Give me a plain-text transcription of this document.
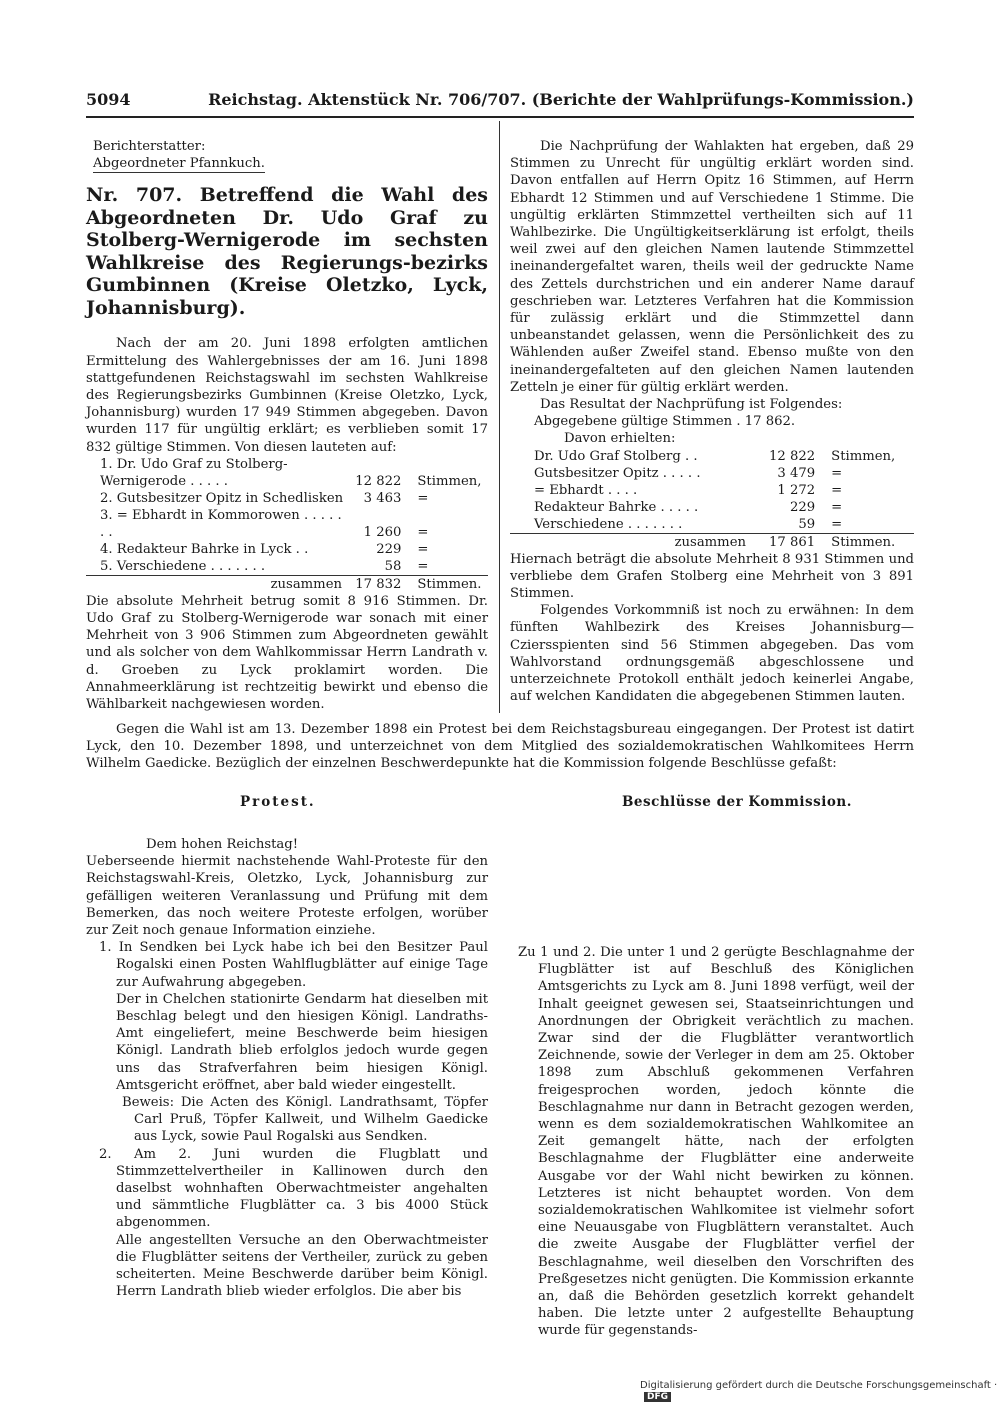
5094	Reichstag. Aktenstück Nr. 706/707. (Berichte der Wahlprüfungs-Kommission.)

Berichterstatter:

Abgeordneter Pfannkuch.

Nr. 707. Betreffend die Wahl des Abgeordneten Dr. Udo Graf zu Stolberg-Wernigerode im sechsten Wahlkreise des Regierungs-bezirks Gumbinnen (Kreise Oletzko, Lyck, Johannisburg).

Nach der am 20. Juni 1898 erfolgten amtlichen Ermittelung des Wahlergebnisses der am 16. Juni 1898 stattgefundenen Reichstagswahl im sechsten Wahlkreise des Regierungsbezirks Gumbinnen (Kreise Oletzko, Lyck, Johannisburg) wurden 17 949 Stimmen abgegeben. Davon wurden 117 für ungültig erklärt; es verblieben somit 17 832 gültige Stimmen. Von diesen lauteten auf:

1. Dr. Udo Graf zu Stolberg-Wernigerode . . . . .	12 822	Stimmen,
2. Gutsbesitzer Opitz in Schedlisken	3 463	=
3. = Ebhardt in Kommorowen . . . . . . .	1 260	=
4. Redakteur Bahrke in Lyck . .	229	=
5. Verschiedene . . . . . . .	58	=
zusammen	17 832	Stimmen.

Die absolute Mehrheit betrug somit 8 916 Stimmen. Dr. Udo Graf zu Stolberg-Wernigerode war sonach mit einer Mehrheit von 3 906 Stimmen zum Abgeordneten gewählt und als solcher von dem Wahlkommissar Herrn Landrath v. d. Groeben zu Lyck proklamirt worden. Die Annahmeerklärung ist rechtzeitig bewirkt und ebenso die Wählbarkeit nachgewiesen worden.

Die Nachprüfung der Wahlakten hat ergeben, daß 29 Stimmen zu Unrecht für ungültig erklärt worden sind. Davon entfallen auf Herrn Opitz 16 Stimmen, auf Herrn Ebhardt 12 Stimmen und auf Verschiedene 1 Stimme. Die ungültig erklärten Stimmzettel vertheilten sich auf 11 Wahlbezirke. Die Ungültigkeitserklärung ist erfolgt, theils weil zwei auf den gleichen Namen lautende Stimmzettel ineinandergefaltet waren, theils weil der gedruckte Name des Zettels durchstrichen und ein anderer Name darauf geschrieben war. Letzteres Verfahren hat die Kommission für zulässig erklärt und die Stimmzettel dann unbeanstandet gelassen, wenn die Persönlichkeit des zu Wählenden außer Zweifel stand. Ebenso mußte von den ineinandergefalteten auf den gleichen Namen lautenden Zetteln je einer für gültig erklärt werden.

Das Resultat der Nachprüfung ist Folgendes:

Abgegebene gültige Stimmen . 17 862.

Davon erhielten:

Dr. Udo Graf Stolberg . .	12 822	Stimmen,
Gutsbesitzer Opitz . . . . .	3 479	=
= Ebhardt . . . .	1 272	=
Redakteur Bahrke . . . . .	229	=
Verschiedene . . . . . . .	59	=
zusammen	17 861	Stimmen.

Hiernach beträgt die absolute Mehrheit 8 931 Stimmen und verbliebe dem Grafen Stolberg eine Mehrheit von 3 891 Stimmen.

Folgendes Vorkommniß ist noch zu erwähnen: In dem fünften Wahlbezirk des Kreises Johannisburg—Cziersspienten sind 56 Stimmen abgegeben. Das vom Wahlvorstand ordnungsgemäß abgeschlossene und unterzeichnete Protokoll enthält jedoch keinerlei Angabe, auf welchen Kandidaten die abgegebenen Stimmen lauten.

Gegen die Wahl ist am 13. Dezember 1898 ein Protest bei dem Reichstagsbureau eingegangen. Der Protest ist datirt Lyck, den 10. Dezember 1898, und unterzeichnet von dem Mitglied des sozialdemokratischen Wahlkomitees Herrn Wilhelm Gaedicke. Bezüglich der einzelnen Beschwerdepunkte hat die Kommission folgende Beschlüsse gefaßt:

Protest.	Beschlüsse der Kommission.

Dem hohen Reichstag!

Ueberseende hiermit nachstehende Wahl-Proteste für den Reichstagswahl-Kreis, Oletzko, Lyck, Johannisburg zur gefälligen weiteren Veranlassung und Prüfung mit dem Bemerken, das noch weitere Proteste erfolgen, worüber zur Zeit noch genaue Information einziehe.

1. In Sendken bei Lyck habe ich bei den Besitzer Paul Rogalski einen Posten Wahlflugblätter auf einige Tage zur Aufwahrung abgegeben.

Der in Chelchen stationirte Gendarm hat dieselben mit Beschlag belegt und den hiesigen Königl. Landraths-Amt eingeliefert, meine Beschwerde beim hiesigen Königl. Landrath blieb erfolglos jedoch wurde gegen uns das Strafverfahren beim hiesigen Königl. Amtsgericht eröffnet, aber bald wieder eingestellt.

Beweis: Die Acten des Königl. Landrathsamt, Töpfer Carl Pruß, Töpfer Kallweit, und Wilhelm Gaedicke aus Lyck, sowie Paul Rogalski aus Sendken.

2. Am 2. Juni wurden die Flugblatt und Stimmzettelvertheiler in Kallinowen durch den daselbst wohnhaften Oberwachtmeister angehalten und sämmtliche Flugblätter ca. 3 bis 4000 Stück abgenommen.

Alle angestellten Versuche an den Oberwachtmeister die Flugblätter seitens der Vertheiler, zurück zu geben scheiterten. Meine Beschwerde darüber beim Königl. Herrn Landrath blieb wieder erfolglos. Die aber bis

Zu 1 und 2. Die unter 1 und 2 gerügte Beschlagnahme der Flugblätter ist auf Beschluß des Königlichen Amtsgerichts zu Lyck am 8. Juni 1898 verfügt, weil der Inhalt geeignet gewesen sei, Staatseinrichtungen und Anordnungen der Obrigkeit verächtlich zu machen. Zwar sind der die Flugblätter verantwortlich Zeichnende, sowie der Verleger in dem am 25. Oktober 1898 zum Abschluß gekommenen Verfahren freigesprochen worden, jedoch könnte die Beschlagnahme nur dann in Betracht gezogen werden, wenn es dem sozialdemokratischen Wahlkomitee an Zeit gemangelt hätte, nach der erfolgten Beschlagnahme der Flugblätter eine anderweite Ausgabe vor der Wahl nicht bewirken zu können. Letzteres ist nicht behauptet worden. Von dem sozialdemokratischen Wahlkomitee ist vielmehr sofort eine Neuausgabe von Flugblättern veranstaltet. Auch die zweite Ausgabe der Flugblätter verfiel der Beschlagnahme, weil dieselben den Vorschriften des Preßgesetzes nicht genügten. Die Kommission erkannte an, daß die Behörden gesetzlich korrekt gehandelt haben. Die letzte unter 2 aufgestellte Behauptung wurde für gegenstands-

Digitalisierung gefördert durch die Deutsche Forschungsgemeinschaft ·DFG
